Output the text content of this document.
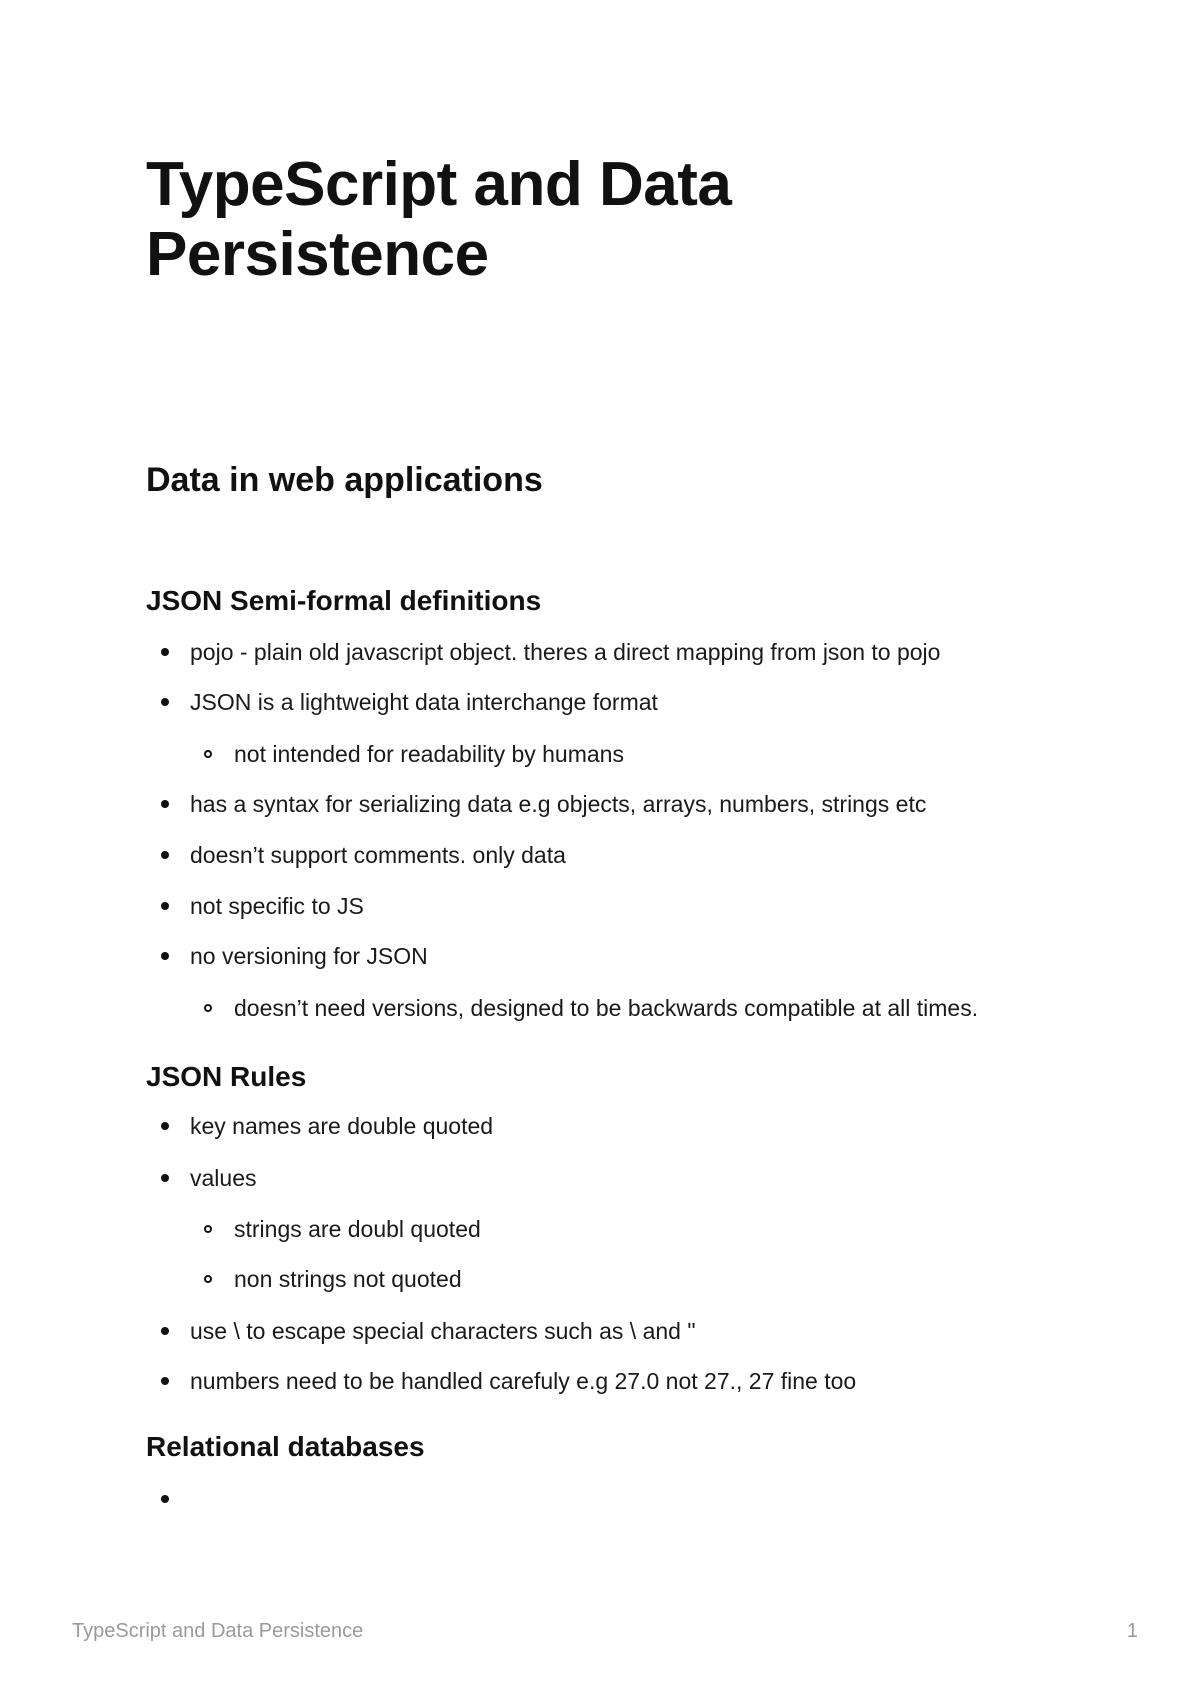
TypeScript and Data Persistence
Data in web applications
JSON Semi-formal definitions
pojo - plain old javascript object. theres a direct mapping from json to pojo
JSON is a lightweight data interchange format
not intended for readability by humans
has a syntax for serializing data e.g objects, arrays, numbers, strings etc
doesn’t support comments. only data
not specific to JS
no versioning for JSON
doesn’t need versions, designed to be backwards compatible at all times.
JSON Rules
key names are double quoted
values
strings are doubl quoted
non strings not quoted
use \ to escape special characters such as \ and "
numbers need to be handled carefuly e.g 27.0 not 27., 27 fine too
Relational databases
TypeScript and Data Persistence	1
